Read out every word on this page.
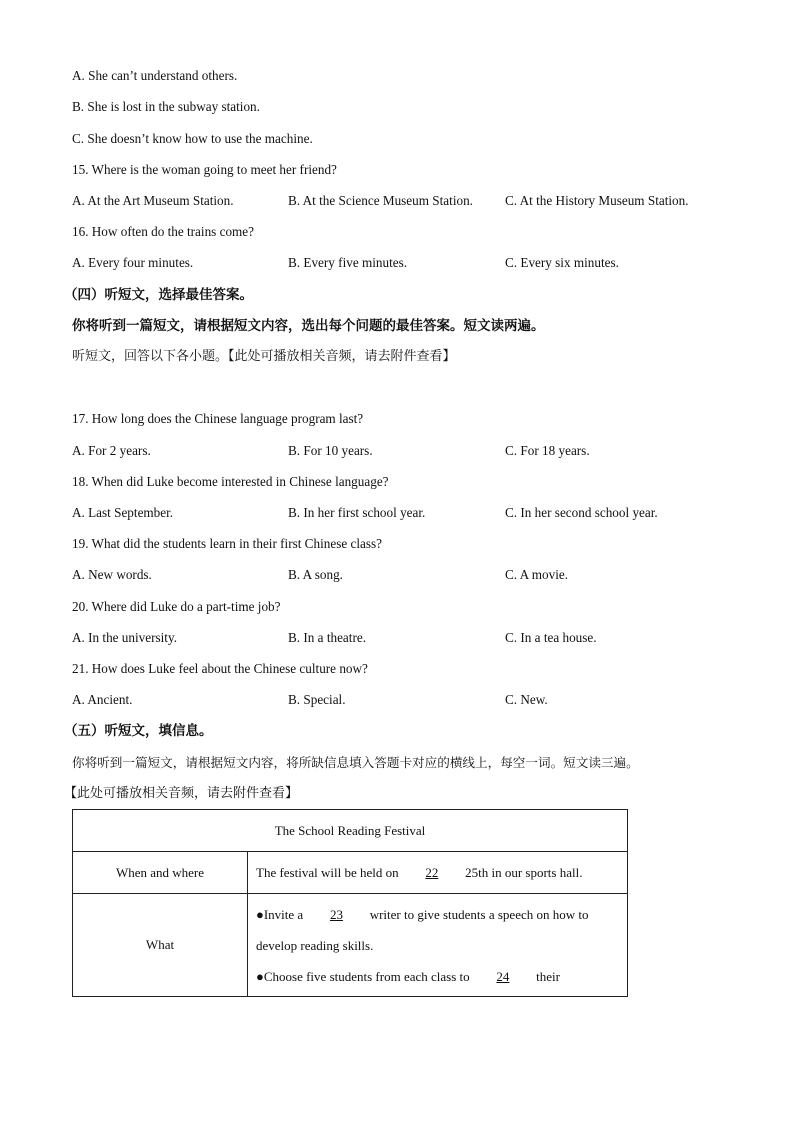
A. She can’t understand others.
B. She is lost in the subway station.
C. She doesn’t know how to use the machine.
15. Where is the woman going to meet her friend?
A. At the Art Museum Station.	B. At the Science Museum Station. C. At the History Museum Station.
16. How often do the trains come?
A. Every four minutes.	B. Every five minutes.	C. Every six minutes.
（四）听短文，选择最佳答案。
你将听到一篇短文，请根据短文内容，选出每个问题的最佳答案。短文读两遍。
听短文，回答以下各小题。【此处可播放相关音频，请去附件查看】
17. How long does the Chinese language program last?
A. For 2 years.	B. For 10 years.	C. For 18 years.
18. When did Luke become interested in Chinese language?
A. Last September.	B. In her first school year.	C. In her second school year.
19. What did the students learn in their first Chinese class?
A. New words.	B. A song.	C. A movie.
20. Where did Luke do a part-time job?
A. In the university.	B. In a theatre.	C. In a tea house.
21. How does Luke feel about the Chinese culture now?
A. Ancient.	B. Special.	C. New.
（五）听短文，填信息。
你将听到一篇短文，请根据短文内容，将所缺信息填入答题卡对应的横线上，每空一词。短文读三遍。
【此处可播放相关音频，请去附件查看】
The School Reading Festival	
When and where	The festival will be held on 22 25th in our sports hall.
What	●Invite a 23 writer to give students a speech on how to
develop reading skills.
●Choose five students from each class to 24 their
